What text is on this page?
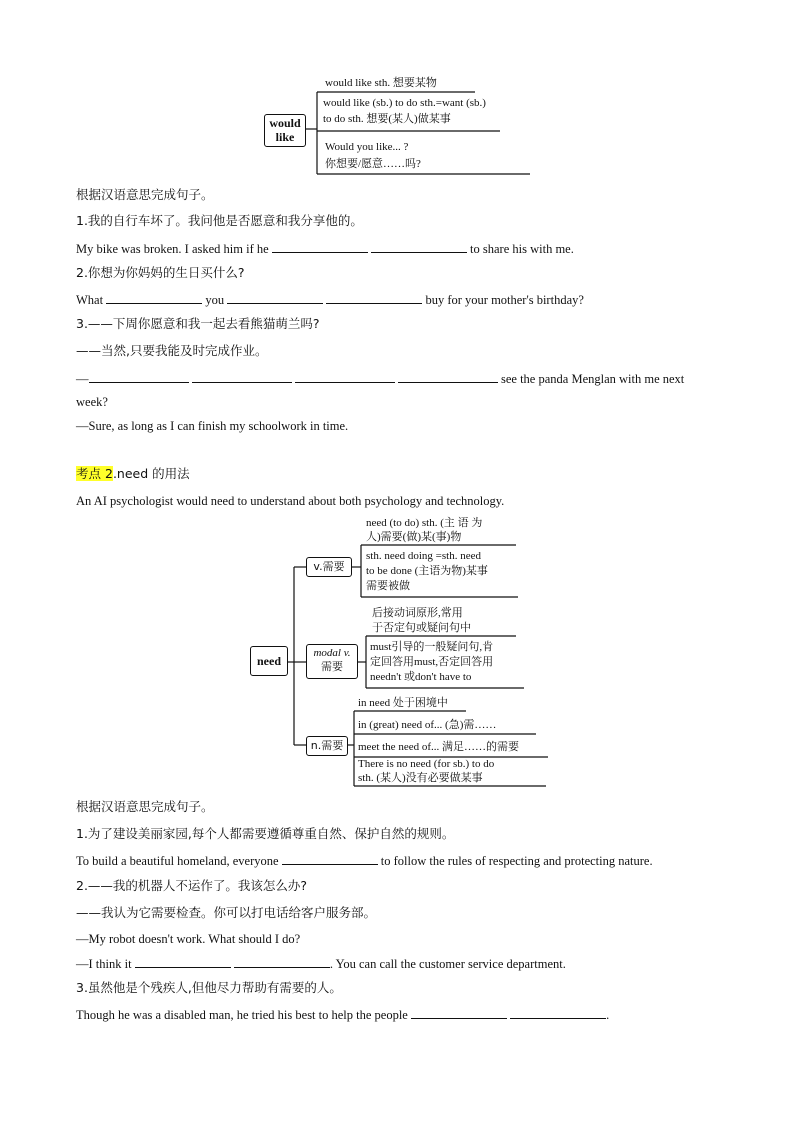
would like
would like sth. 想要某物
would like (sb.) to do sth.=want (sb.)
to do sth. 想要(某人)做某事
Would you like... ?
你想要/愿意……吗?
根据汉语意思完成句子。
1.我的自行车坏了。我问他是否愿意和我分享他的。
My bike was broken. I asked him if he	to share his with me.
2.你想为你妈妈的生日买什么?
What	you	buy for your mother's birthday?
3.——下周你愿意和我一起去看熊猫萌兰吗?
——当然,只要我能及时完成作业。
—	see the panda Menglan with me next
week?
—Sure, as long as I can finish my schoolwork in time.
考点 2.need 的用法
An AI psychologist would need to understand about both psychology and technology.
need
v.需要
need (to do) sth. (主 语 为
人)需要(做)某(事)物
sth. need doing =sth. need
to be done (主语为物)某事
需要被做
modal v.
需要
后接动词原形,常用
于否定句或疑问句中
must引导的一般疑问句,肯
定回答用must,否定回答用
needn't 或don't have to
n.需要
in need 处于困境中
in (great) need of... (急)需……
meet the need of... 满足……的需要
There is no need (for sb.) to do
sth. (某人)没有必要做某事
根据汉语意思完成句子。
1.为了建设美丽家园,每个人都需要遵循尊重自然、保护自然的规则。
To build a beautiful homeland, everyone	to follow the rules of respecting and protecting nature.
2.——我的机器人不运作了。我该怎么办?
——我认为它需要检查。你可以打电话给客户服务部。
—My robot doesn't work. What should I do?
—I think it	. You can call the customer service department.
3.虽然他是个残疾人,但他尽力帮助有需要的人。
Though he was a disabled man, he tried his best to help the people	.
